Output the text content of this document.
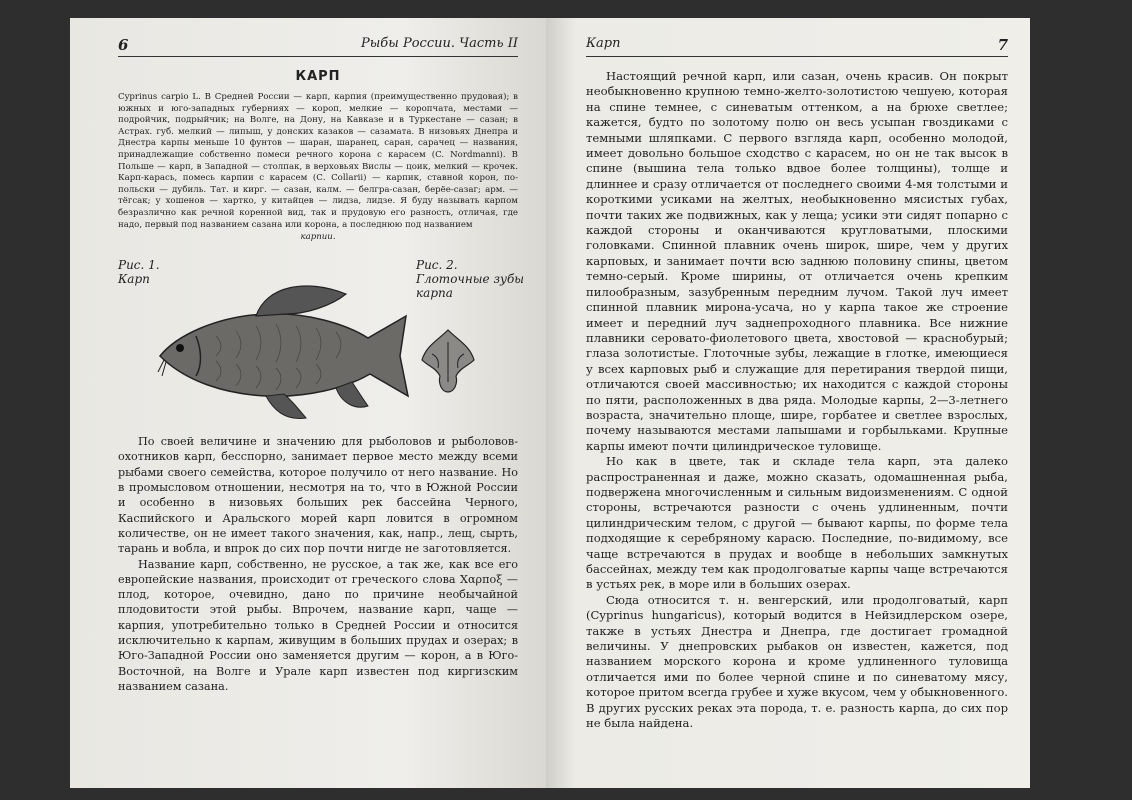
6	Рыбы России. Часть II
КАРП
Cyprinus carpio L. В Средней России — карп, карпия (преимущественно прудовая); в южных и юго-западных губерниях — короп, мелкие — коропчата, местами — подройчик, подрыйчик; на Волге, на Дону, на Кавказе и в Туркестане — сазан; в Астрах. губ. мелкий — липыш, у донских казаков — сазамата. В низовьях Днепра и Днестра карпы меньше 10 фунтов — шаран, шаранец, саран, сарачец — названия, принадлежащие собственно помеси речного корона с карасем (C. Nordmanni). В Польше — карп, в Западной — столпак, в верховьях Вислы — цоик, мелкий — крочек. Карп-карась, помесь карпии с карасем (С. Collarii) — карпик, ставной корон, по-польски — дубиль. Тат. и кирг. — сазан, калм. — белгра-сазан, берёе-сазаг; арм. — тёгсак; у хошенов — хартко, у китайцев — лидза, лидзе. Я буду называть карпом безразлично как речной коренной вид, так и прудовую его разность, отличая, где надо, первый под названием сазана или корона, а последнюю под названием
карпии.
Рис. 1.
Карп
Рис. 2.
Глоточные зубы карпа

По своей величине и значению для рыболовов и рыболовов-охотников карп, бесспорно, занимает первое место между всеми рыбами своего семейства, которое получило от него название. Но в промысловом отношении, несмотря на то, что в Южной России и особенно в низовьях больших рек бассейна Черного, Каспийского и Аральского морей карп ловится в огромном количестве, он не имеет такого значения, как, напр., лещ, сырть, тарань и вобла, и впрок до сих пор почти нигде не заготовляется.

Название карп, собственно, не русское, а так же, как все его европейские названия, происходит от греческого слова Χαρποξ — плод, которое, очевидно, дано по причине необычайной плодовитости этой рыбы. Впрочем, название карп, чаще — карпия, употребительно только в Средней России и относится исключительно к карпам, живущим в больших прудах и озерах; в Юго-Западной России оно заменяется другим — корон, а в Юго-Восточной, на Волге и Урале карп известен под киргизским названием сазана.

Карп	7

Настоящий речной карп, или сазан, очень красив. Он покрыт необыкновенно крупною темно-желто-золотистою чешуею, которая на спине темнее, с синеватым оттенком, а на брюхе светлее; кажется, будто по золотому полю он весь усыпан гвоздиками с темными шляпками. С первого взгляда карп, особенно молодой, имеет довольно большое сходство с карасем, но он не так высок в спине (вышина тела только вдвое более толщины), толще и длиннее и сразу отличается от последнего своими 4-мя толстыми и короткими усиками на желтых, необыкновенно мясистых губах, почти таких же подвижных, как у леща; усики эти сидят попарно с каждой стороны и оканчиваются кругловатыми, плоскими головками. Спинной плавник очень широк, шире, чем у других карповых, и занимает почти всю заднюю половину спины, цветом темно-серый. Кроме ширины, от отличается очень крепким пилообразным, зазубренным передним лучом. Такой луч имеет спинной плавник мирона-усача, но у карпа такое же строение имеет и передний луч заднепроходного плавника. Все нижние плавники серовато-фиолетового цвета, хвостовой — краснобурый; глаза золотистые. Глоточные зубы, лежащие в глотке, имеющиеся у всех карповых рыб и служащие для перетирания твердой пищи, отличаются своей массивностью; их находится с каждой стороны по пяти, расположенных в два ряда. Молодые карпы, 2—3-летнего возраста, значительно площе, шире, горбатее и светлее взрослых, почему называются местами лапышами и горбыльками. Крупные карпы имеют почти цилиндрическое туловище.

Но как в цвете, так и складе тела карп, эта далеко распространенная и даже, можно сказать, одомашненная рыба, подвержена многочисленным и сильным видоизменениям. С одной стороны, встречаются разности с очень удлиненным, почти цилиндрическим телом, с другой — бывают карпы, по форме тела подходящие к серебряному карасю. Последние, по-видимому, все чаще встречаются в прудах и вообще в небольших замкнутых бассейнах, между тем как продолговатые карпы чаще встречаются в устьях рек, в море или в больших озерах.

Сюда относится т. н. венгерский, или продолговатый, карп (Cyprinus hungaricus), который водится в Нейзидлерском озере, также в устьях Днестра и Днепра, где достигает громадной величины. У днепровских рыбаков он известен, кажется, под названием морского корона и кроме удлиненного туловища отличается ими по более черной спине и по синеватому мясу, которое притом всегда грубее и хуже вкусом, чем у обыкновенного. В других русских реках эта порода, т. е. разность карпа, до сих пор не была найдена.
